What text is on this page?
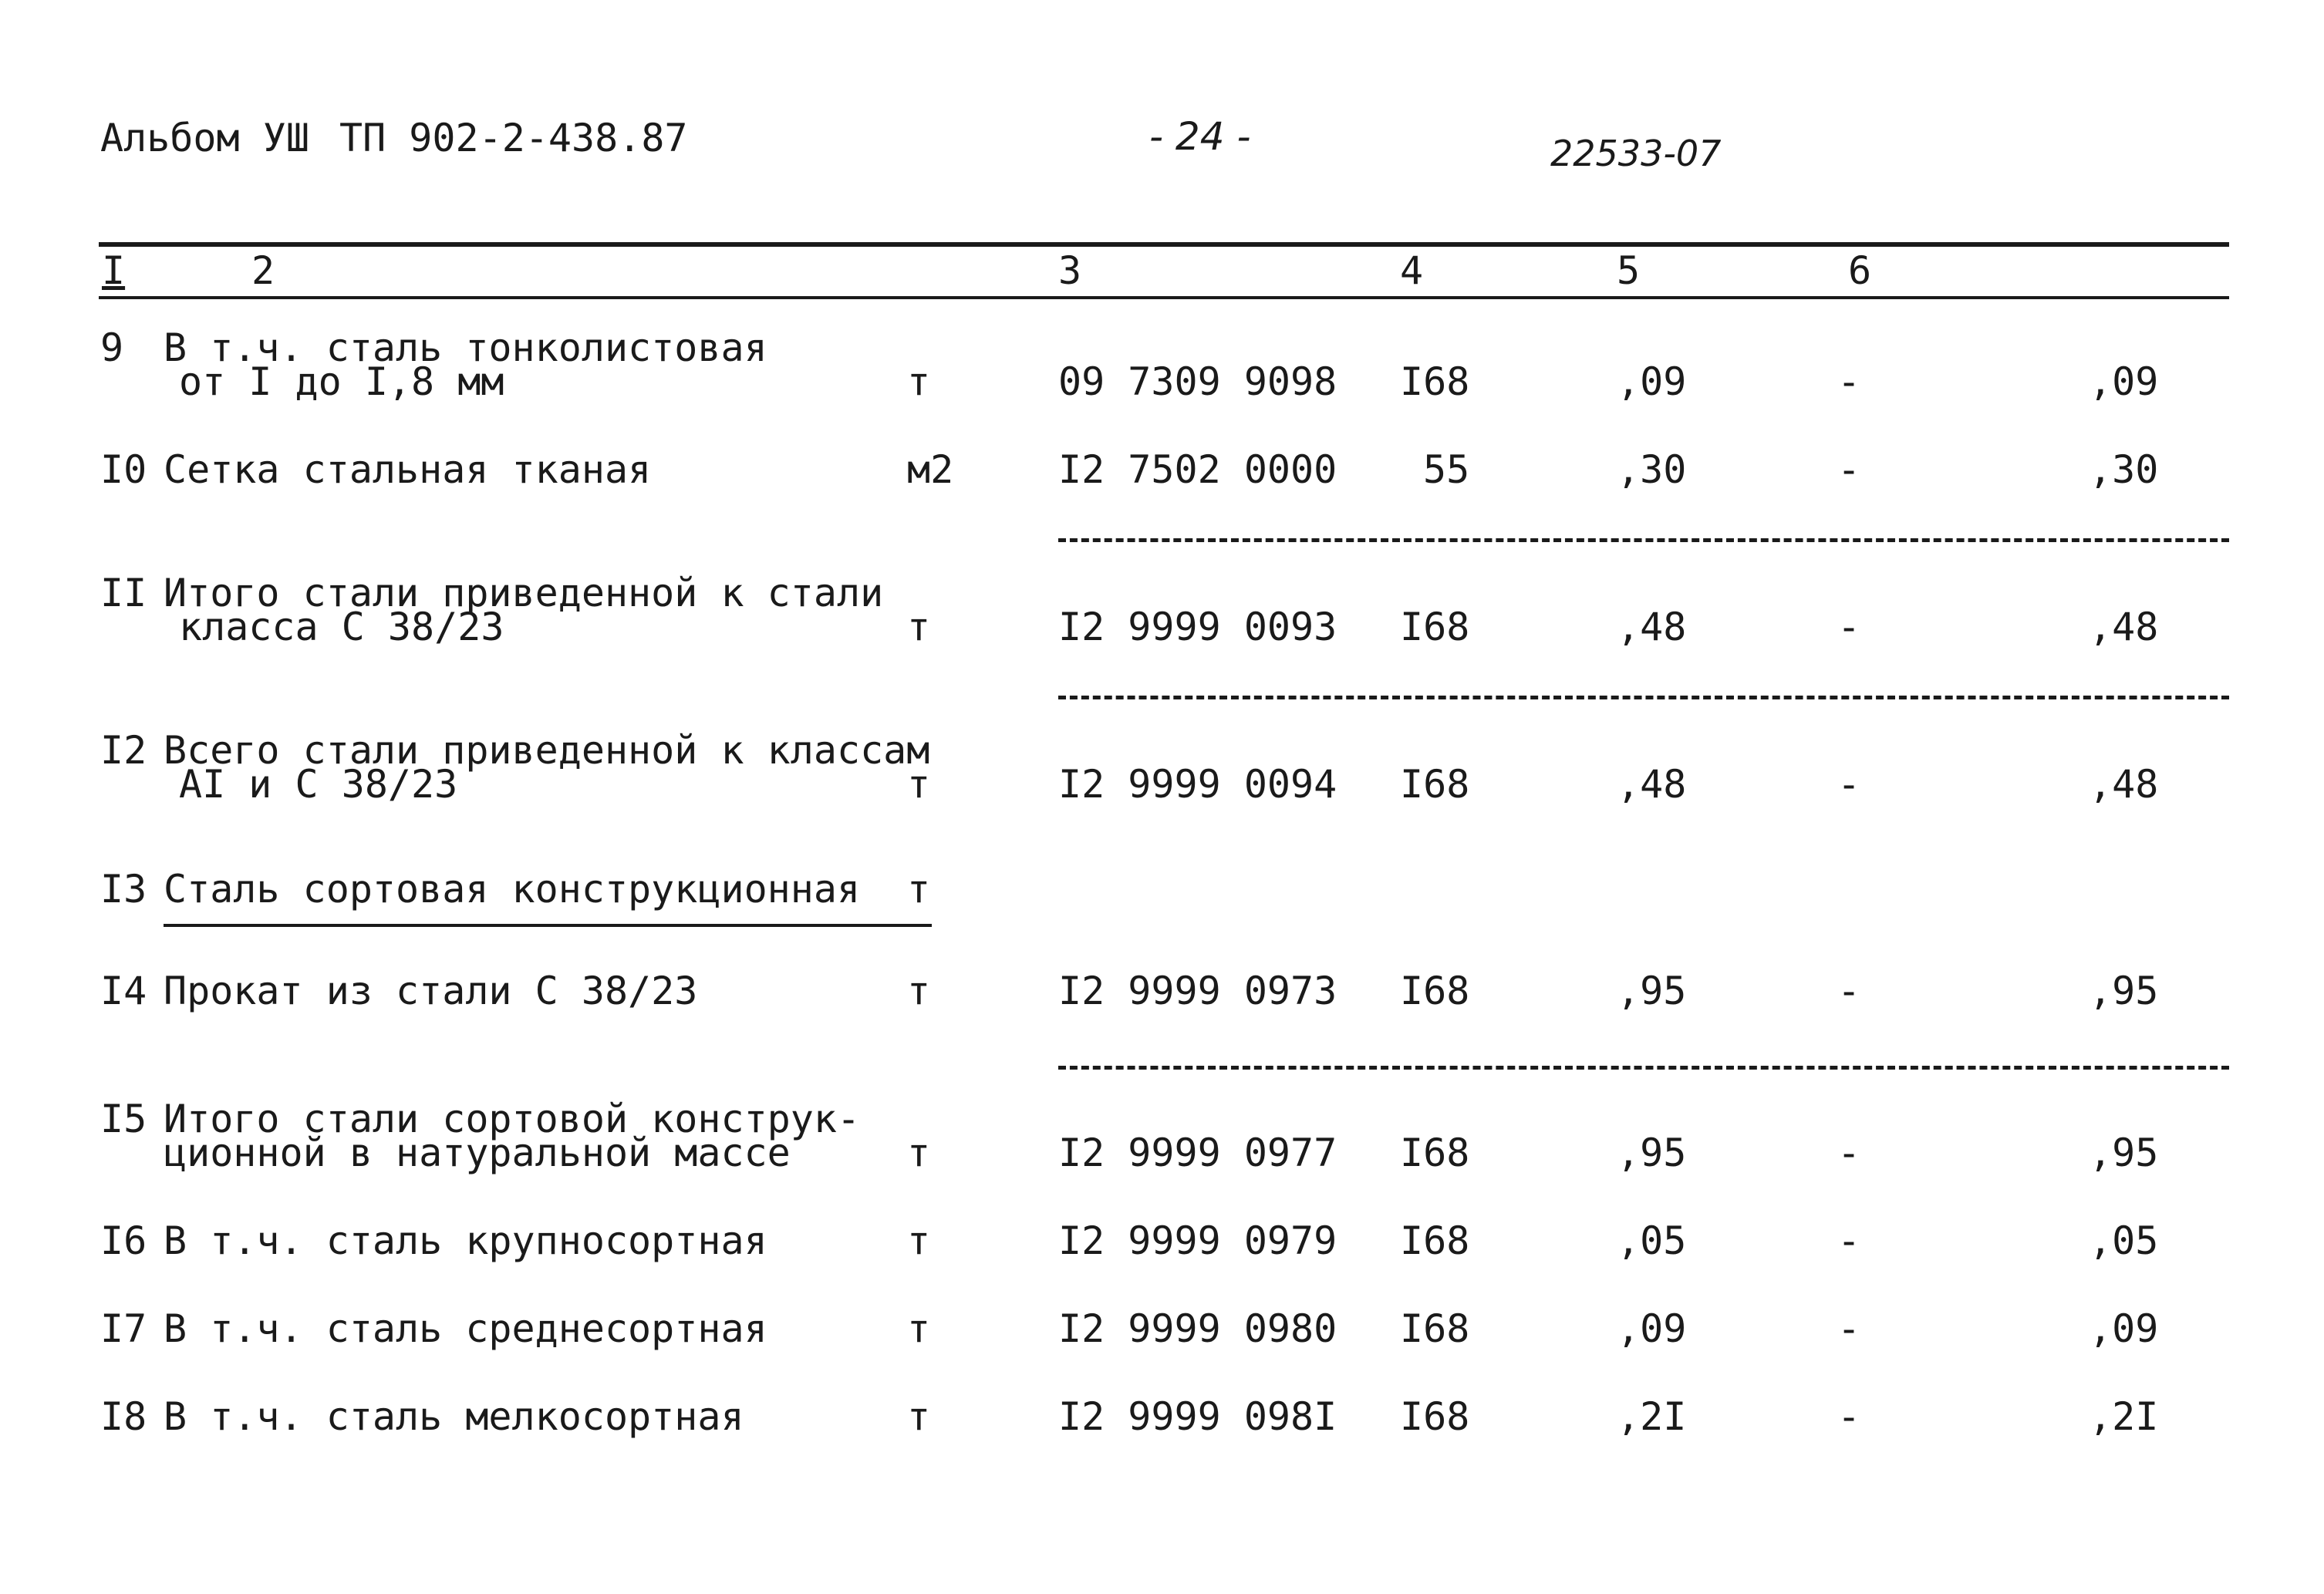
Альбом УШ ТП 902-2-438.87	- 24 -	22533-07
I	2	3	4	5	6
9 В т.ч. сталь тонколистовая
от I до I,8 мм	т	09 7309 9098 I68	,09	-	,09
I0 Сетка стальная тканая	м2	I2 7502 0000 55	,30	-	,30
II Итого стали приведенной к стали
класса С 38/23	т	I2 9999 0093 I68	,48	-	,48
I2 Всего стали приведенной к классам
АI и С 38/23	т	I2 9999 0094 I68	,48	-	,48
I3 Сталь сортовая конструкционная т
I4 Прокат из стали С 38/23	т	I2 9999 0973 I68	,95	-	,95
I5 Итого стали сортовой конструк-
ционной в натуральной массе	т	I2 9999 0977 I68	,95	-	,95
I6 В т.ч. сталь крупносортная	т	I2 9999 0979 I68	,05	-	,05
I7 В т.ч. сталь среднесортная	т	I2 9999 0980 I68	,09	-	,09
I8 В т.ч. сталь мелкосортная	т	I2 9999 098I I68	,2I	-	,2I
